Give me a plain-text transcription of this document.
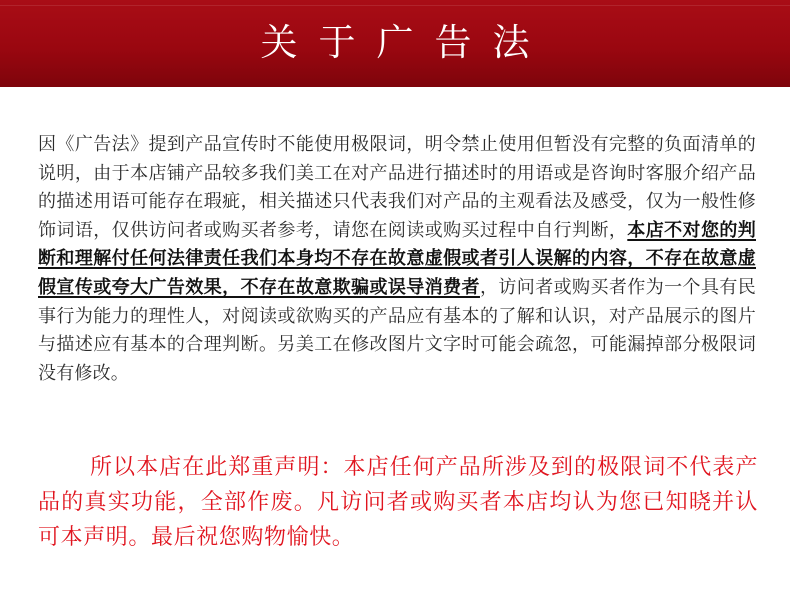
关于广告法
因《广告法》提到产品宣传时不能使用极限词，明令禁止使用但暂没有完整的负面清单的说明，由于本店铺产品较多我们美工在对产品进行描述时的用语或是咨询时客服介绍产品的描述用语可能存在瑕疵，相关描述只代表我们对产品的主观看法及感受，仅为一般性修饰词语，仅供访问者或购买者参考，请您在阅读或购买过程中自行判断，本店不对您的判断和理解付任何法律责任我们本身均不存在故意虚假或者引人误解的内容，不存在故意虚假宣传或夸大广告效果，不存在故意欺骗或误导消费者，访问者或购买者作为一个具有民事行为能力的理性人，对阅读或欲购买的产品应有基本的了解和认识，对产品展示的图片与描述应有基本的合理判断。另美工在修改图片文字时可能会疏忽，可能漏掉部分极限词没有修改。
所以本店在此郑重声明：本店任何产品所涉及到的极限词不代表产品的真实功能，全部作废。凡访问者或购买者本店均认为您已知晓并认可本声明。最后祝您购物愉快。
